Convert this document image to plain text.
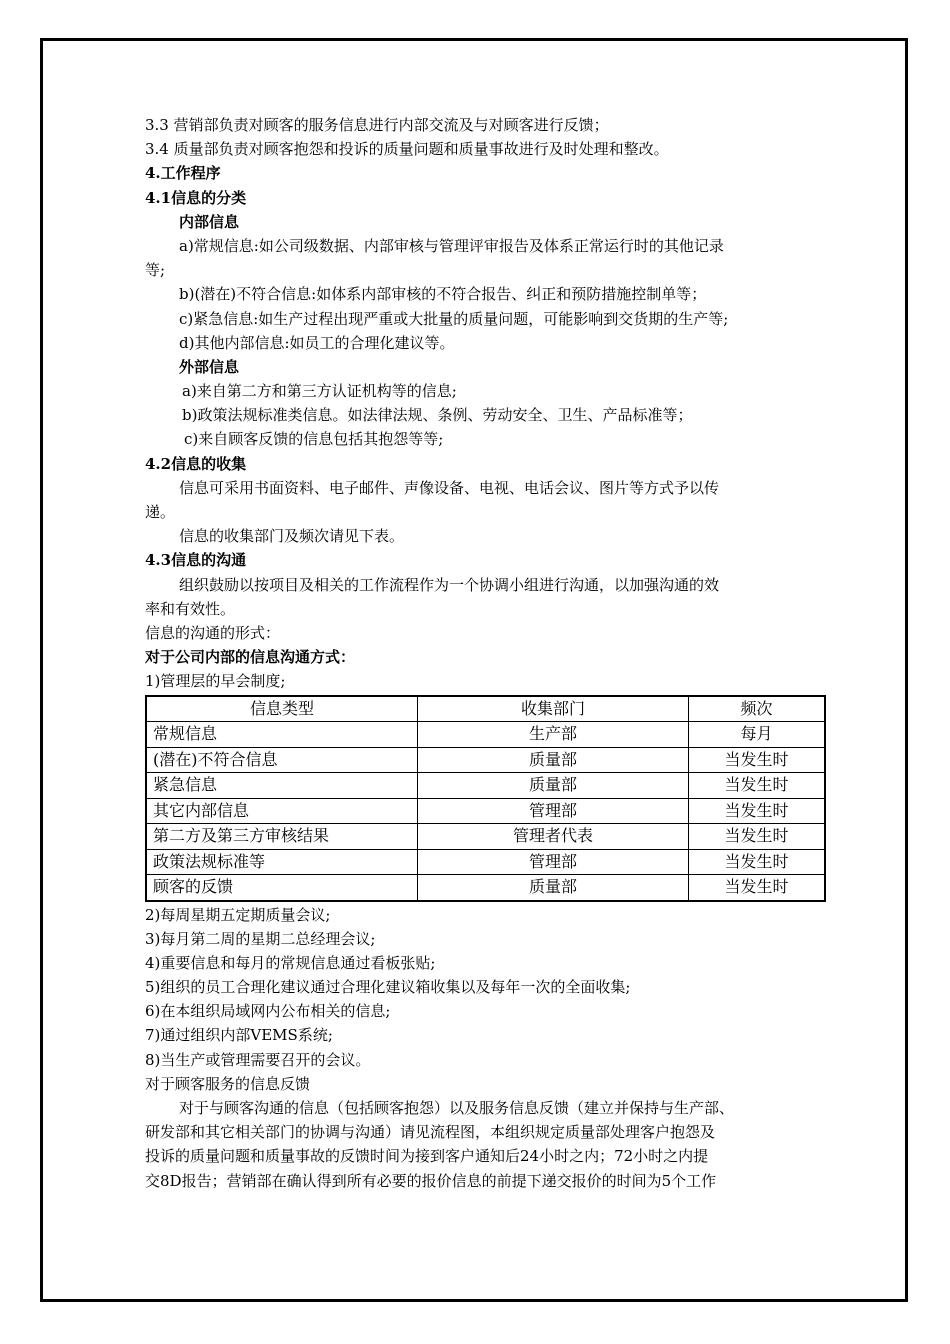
3.3 营销部负责对顾客的服务信息进行内部交流及与对顾客进行反馈；
3.4 质量部负责对顾客抱怨和投诉的质量问题和质量事故进行及时处理和整改。
4.工作程序
4.1信息的分类
内部信息
a)常规信息:如公司级数据、内部审核与管理评审报告及体系正常运行时的其他记录
等;
b)(潜在)不符合信息:如体系内部审核的不符合报告、纠正和预防措施控制单等；
c)紧急信息:如生产过程出现严重或大批量的质量问题，可能影响到交货期的生产等;
d)其他内部信息:如员工的合理化建议等。
外部信息
a)来自第二方和第三方认证机构等的信息;
b)政策法规标准类信息。如法律法规、条例、劳动安全、卫生、产品标准等；
c)来自顾客反馈的信息包括其抱怨等等;
4.2信息的收集
信息可采用书面资料、电子邮件、声像设备、电视、电话会议、图片等方式予以传
递。
信息的收集部门及频次请见下表。
4.3信息的沟通
组织鼓励以按项目及相关的工作流程作为一个协调小组进行沟通，以加强沟通的效
率和有效性。
信息的沟通的形式：
对于公司内部的信息沟通方式：
1)管理层的早会制度;
信息类型	收集部门	频次
常规信息	生产部	每月
(潜在)不符合信息	质量部	当发生时
紧急信息	质量部	当发生时
其它内部信息	管理部	当发生时
第二方及第三方审核结果	管理者代表	当发生时
政策法规标准等	管理部	当发生时
顾客的反馈	质量部	当发生时
2)每周星期五定期质量会议;
3)每月第二周的星期二总经理会议;
4)重要信息和每月的常规信息通过看板张贴;
5)组织的员工合理化建议通过合理化建议箱收集以及每年一次的全面收集;
6)在本组织局域网内公布相关的信息;
7)通过组织内部VEMS系统;
8)当生产或管理需要召开的会议。
对于顾客服务的信息反馈
对于与顾客沟通的信息（包括顾客抱怨）以及服务信息反馈（建立并保持与生产部、
研发部和其它相关部门的协调与沟通）请见流程图，本组织规定质量部处理客户抱怨及
投诉的质量问题和质量事故的反馈时间为接到客户通知后24小时之内；72小时之内提
交8D报告；营销部在确认得到所有必要的报价信息的前提下递交报价的时间为5个工作
